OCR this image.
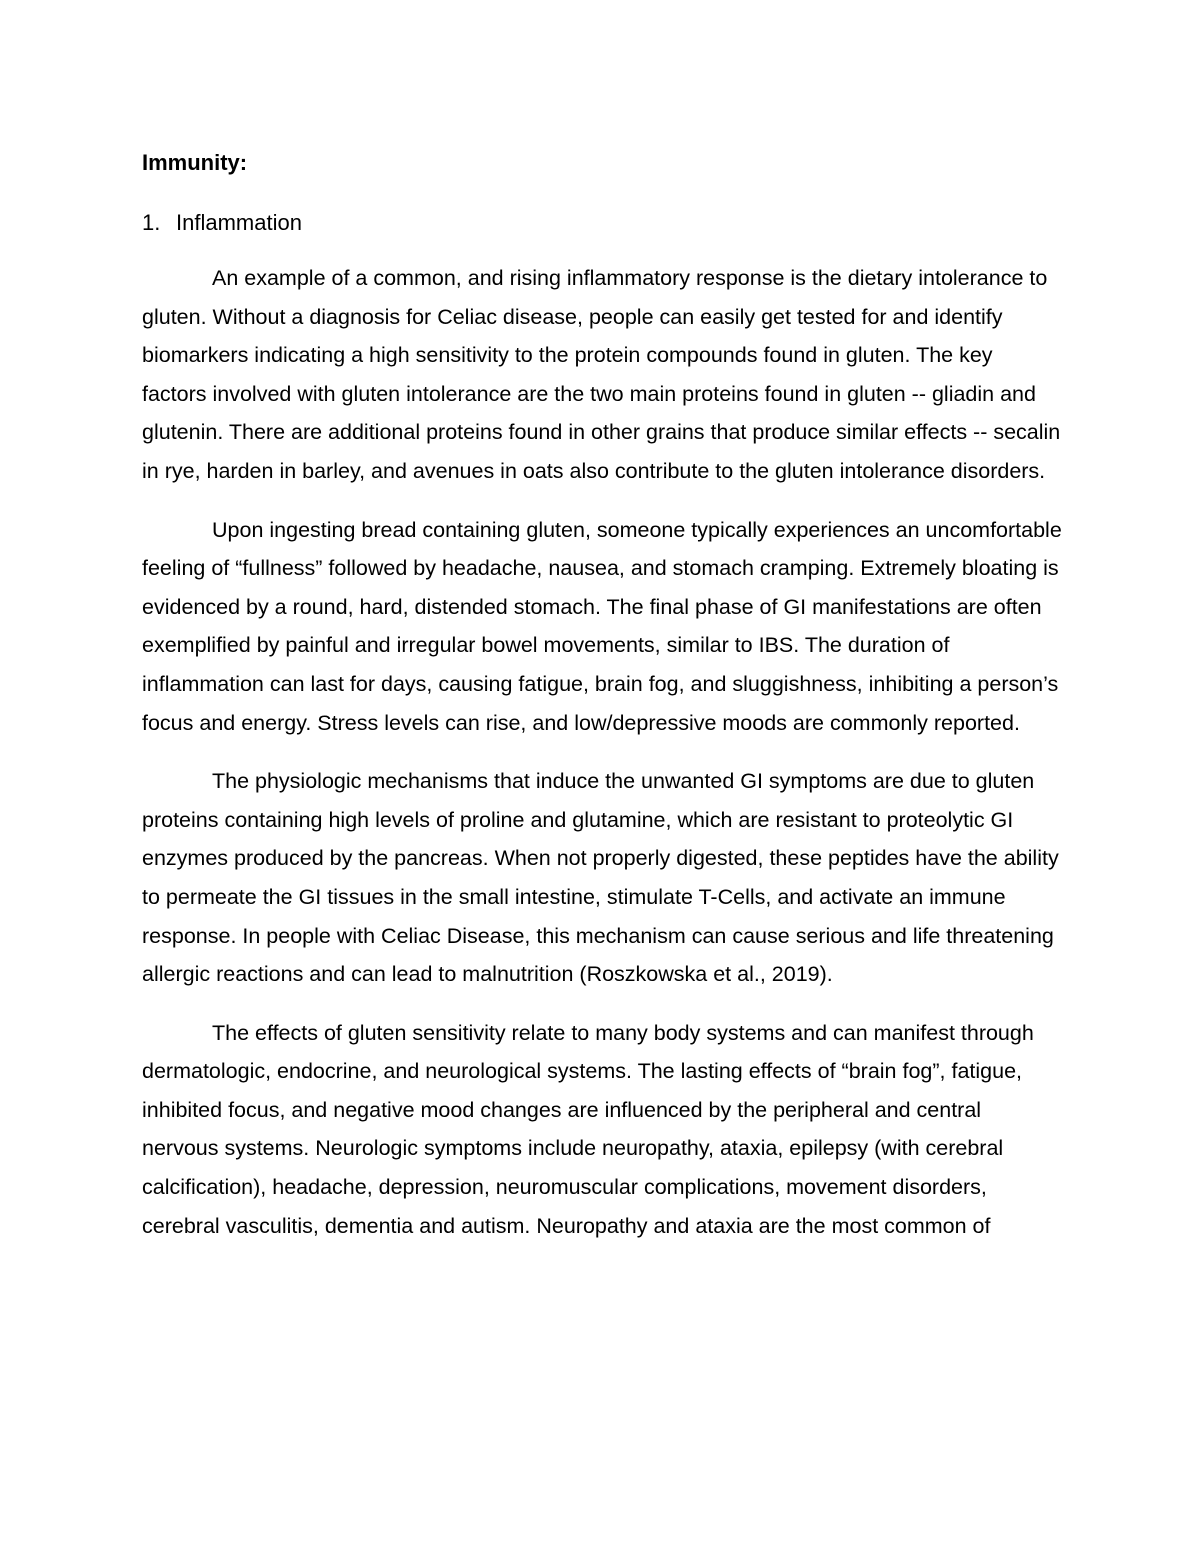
Immunity:
1. Inflammation

An example of a common, and rising inflammatory response is the dietary intolerance to gluten. Without a diagnosis for Celiac disease, people can easily get tested for and identify biomarkers indicating a high sensitivity to the protein compounds found in gluten. The key factors involved with gluten intolerance are the two main proteins found in gluten -- gliadin and glutenin. There are additional proteins found in other grains that produce similar effects -- secalin in rye, harden in barley, and avenues in oats also contribute to the gluten intolerance disorders.

Upon ingesting bread containing gluten, someone typically experiences an uncomfortable feeling of “fullness” followed by headache, nausea, and stomach cramping. Extremely bloating is evidenced by a round, hard, distended stomach. The final phase of GI manifestations are often exemplified by painful and irregular bowel movements, similar to IBS. The duration of inflammation can last for days, causing fatigue, brain fog, and sluggishness, inhibiting a person’s focus and energy. Stress levels can rise, and low/depressive moods are commonly reported.

The physiologic mechanisms that induce the unwanted GI symptoms are due to gluten proteins containing high levels of proline and glutamine, which are resistant to proteolytic GI enzymes produced by the pancreas. When not properly digested, these peptides have the ability to permeate the GI tissues in the small intestine, stimulate T-Cells, and activate an immune response. In people with Celiac Disease, this mechanism can cause serious and life threatening allergic reactions and can lead to malnutrition (Roszkowska et al., 2019).

The effects of gluten sensitivity relate to many body systems and can manifest through dermatologic, endocrine, and neurological systems. The lasting effects of “brain fog”, fatigue, inhibited focus, and negative mood changes are influenced by the peripheral and central nervous systems. Neurologic symptoms include neuropathy, ataxia, epilepsy (with cerebral calcification), headache, depression, neuromuscular complications, movement disorders, cerebral vasculitis, dementia and autism. Neuropathy and ataxia are the most common of
